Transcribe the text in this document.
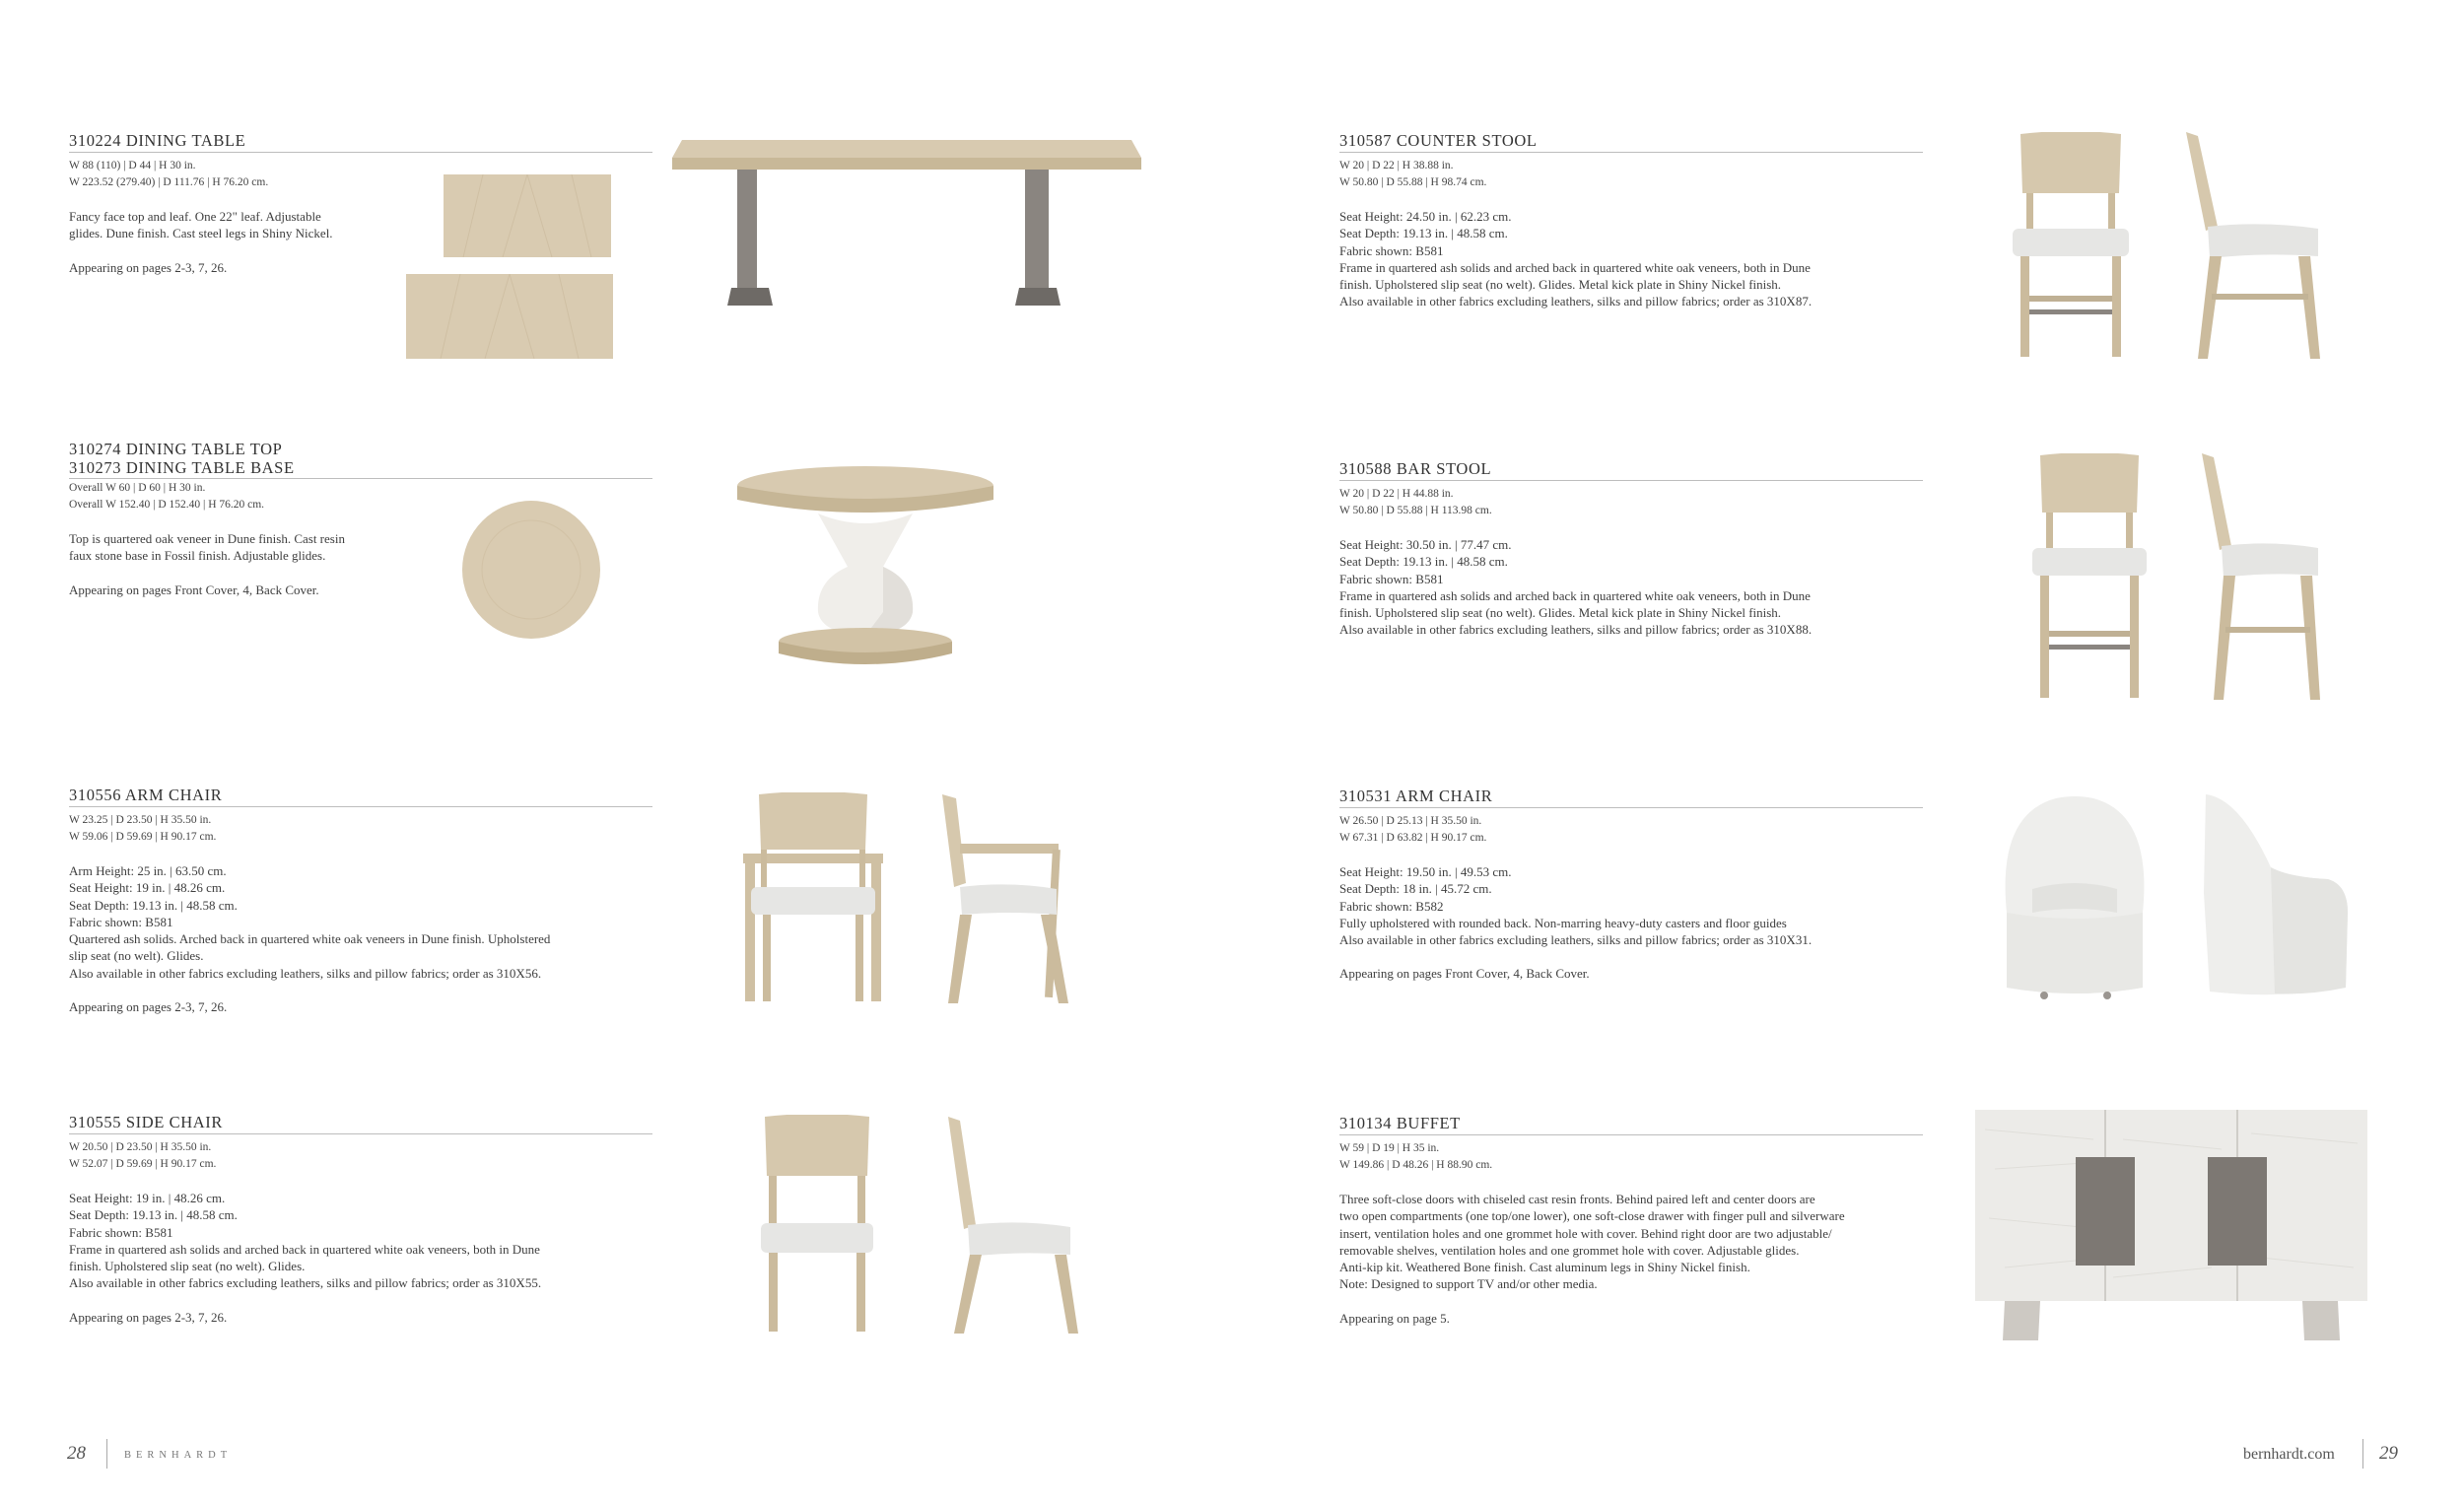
310224 DINING TABLE
W 88 (110) | D 44 | H 30 in.
W 223.52 (279.40) | D 111.76 | H 76.20 cm.
Fancy face top and leaf. One 22" leaf. Adjustable
glides. Dune finish. Cast steel legs in Shiny Nickel.
Appearing on pages 2-3, 7, 26.
310274 DINING TABLE TOP
310273 DINING TABLE BASE
Overall W 60 | D 60 | H 30 in.
Overall W 152.40 | D 152.40 | H 76.20 cm.
Top is quartered oak veneer in Dune finish. Cast resin
faux stone base in Fossil finish. Adjustable glides.
Appearing on pages Front Cover, 4, Back Cover.
310556 ARM CHAIR
W 23.25 | D 23.50 | H 35.50 in.
W 59.06 | D 59.69 | H 90.17 cm.
Arm Height: 25 in. | 63.50 cm.
Seat Height: 19 in. | 48.26 cm.
Seat Depth: 19.13 in. | 48.58 cm.
Fabric shown: B581
Quartered ash solids. Arched back in quartered white oak veneers in Dune finish. Upholstered
slip seat (no welt). Glides.
Also available in other fabrics excluding leathers, silks and pillow fabrics; order as 310X56.
Appearing on pages 2-3, 7, 26.
310555 SIDE CHAIR
W 20.50 | D 23.50 | H 35.50 in.
W 52.07 | D 59.69 | H 90.17 cm.
Seat Height: 19 in. | 48.26 cm.
Seat Depth: 19.13 in. | 48.58 cm.
Fabric shown: B581
Frame in quartered ash solids and arched back in quartered white oak veneers, both in Dune
finish. Upholstered slip seat (no welt). Glides.
Also available in other fabrics excluding leathers, silks and pillow fabrics; order as 310X55.
Appearing on pages 2-3, 7, 26.
310587 COUNTER STOOL
W 20 | D 22 | H 38.88 in.
W 50.80 | D 55.88 | H 98.74 cm.
Seat Height: 24.50 in. | 62.23 cm.
Seat Depth: 19.13 in. | 48.58 cm.
Fabric shown: B581
Frame in quartered ash solids and arched back in quartered white oak veneers, both in Dune
finish. Upholstered slip seat (no welt). Glides. Metal kick plate in Shiny Nickel finish.
Also available in other fabrics excluding leathers, silks and pillow fabrics; order as 310X87.
310588 BAR STOOL
W 20 | D 22 | H 44.88 in.
W 50.80 | D 55.88 | H 113.98 cm.
Seat Height: 30.50 in. | 77.47 cm.
Seat Depth: 19.13 in. | 48.58 cm.
Fabric shown: B581
Frame in quartered ash solids and arched back in quartered white oak veneers, both in Dune
finish. Upholstered slip seat (no welt). Glides. Metal kick plate in Shiny Nickel finish.
Also available in other fabrics excluding leathers, silks and pillow fabrics; order as 310X88.
310531 ARM CHAIR
W 26.50 | D 25.13 | H 35.50 in.
W 67.31 | D 63.82 | H 90.17 cm.
Seat Height: 19.50 in. | 49.53 cm.
Seat Depth: 18 in. | 45.72 cm.
Fabric shown: B582
Fully upholstered with rounded back. Non-marring heavy-duty casters and floor guides
Also available in other fabrics excluding leathers, silks and pillow fabrics; order as 310X31.
Appearing on pages Front Cover, 4, Back Cover.
310134 BUFFET
W 59 | D 19 | H 35 in.
W 149.86 | D 48.26 | H 88.90 cm.
Three soft-close doors with chiseled cast resin fronts. Behind paired left and center doors are
two open compartments (one top/one lower), one soft-close drawer with finger pull and silverware
insert, ventilation holes and one grommet hole with cover. Behind right door are two adjustable/
removable shelves, ventilation holes and one grommet hole with cover. Adjustable glides.
Anti-kip kit. Weathered Bone finish. Cast aluminum legs in Shiny Nickel finish.
Note: Designed to support TV and/or other media.
Appearing on page 5.
28	BERNHARDT	bernhardt.com 29
